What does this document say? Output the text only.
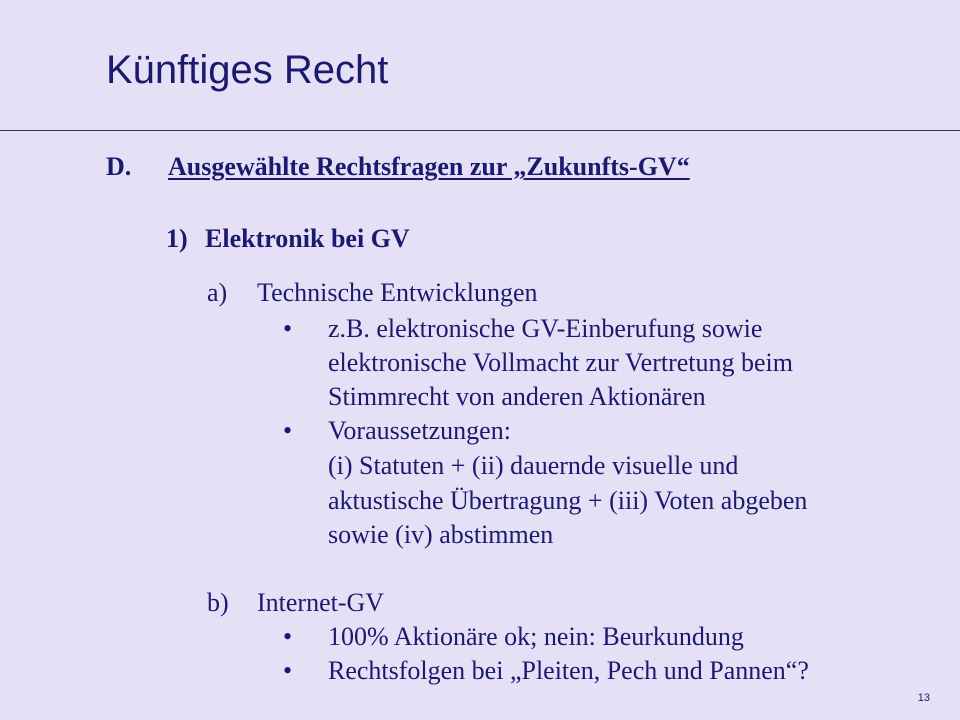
Künftiges Recht
D. Ausgewählte Rechtsfragen zur „Zukunfts-GV“
1) Elektronik bei GV
a) Technische Entwicklungen
• z.B. elektronische GV-Einberufung sowie
elektronische Vollmacht zur Vertretung beim
Stimmrecht von anderen Aktionären
• Voraussetzungen:
(i) Statuten + (ii) dauernde visuelle und
aktustische Übertragung + (iii) Voten abgeben
sowie (iv) abstimmen
b) Internet-GV
• 100% Aktionäre ok; nein: Beurkundung
• Rechtsfolgen bei „Pleiten, Pech und Pannen“?
13
